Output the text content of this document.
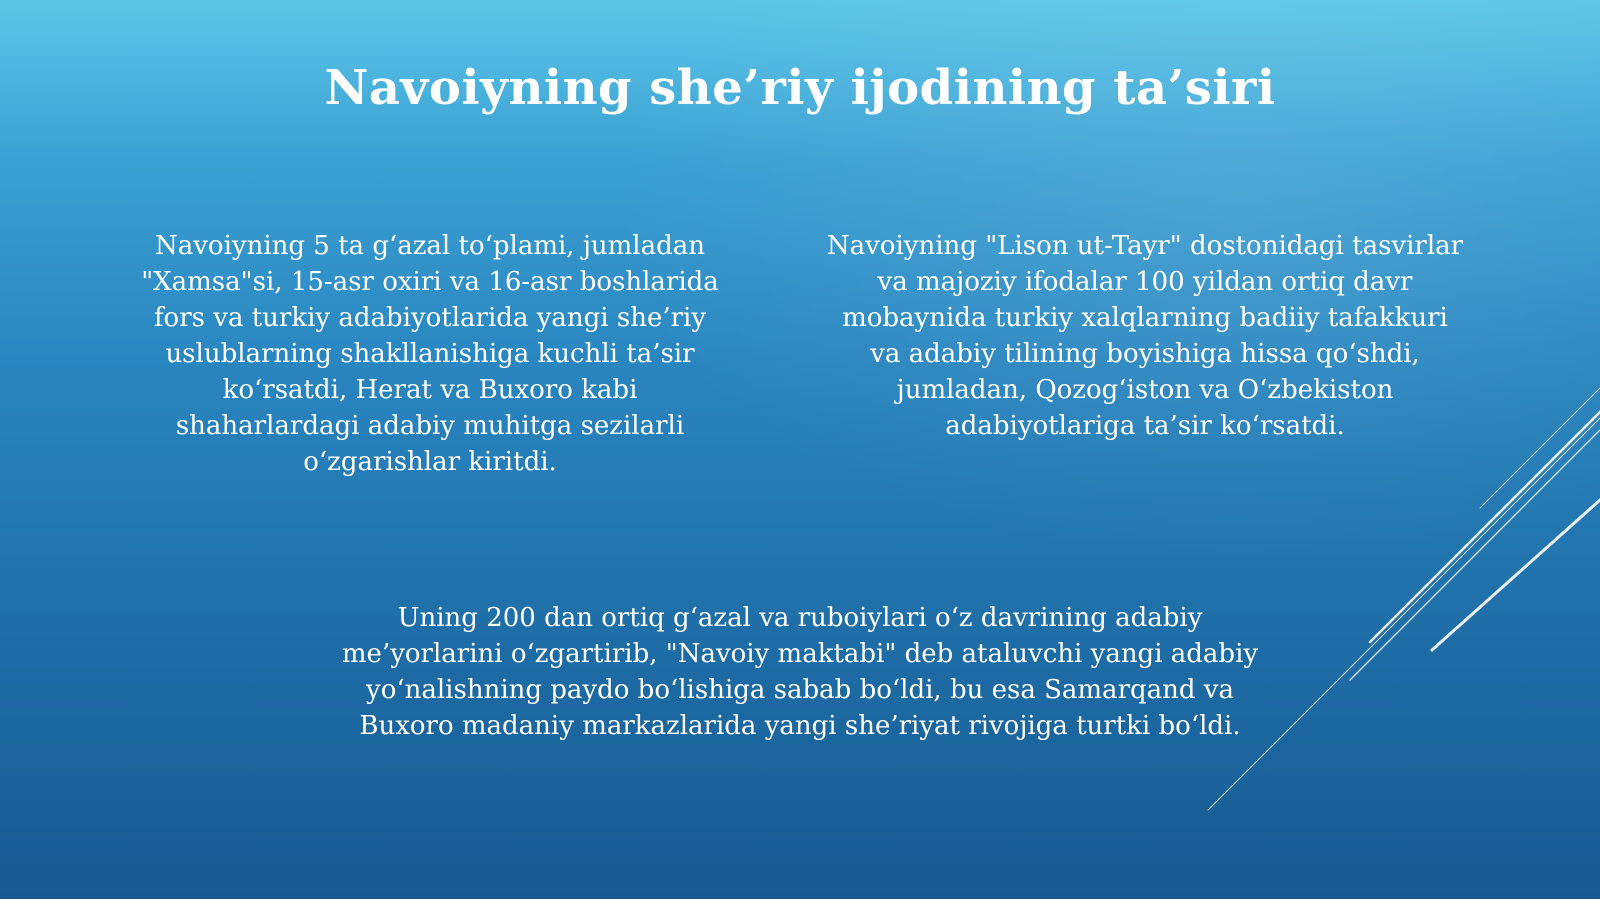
Navoiyning she’riy ijodining ta’siri

Navoiyning 5 ta g‘azal to‘plami, jumladan
"Xamsa"si, 15-asr oxiri va 16-asr boshlarida
fors va turkiy adabiyotlarida yangi she’riy
uslublarning shakllanishiga kuchli ta’sir
ko‘rsatdi, Herat va Buxoro kabi
shaharlardagi adabiy muhitga sezilarli
o‘zgarishlar kiritdi.

Navoiyning "Lison ut-Tayr" dostonidagi tasvirlar
va majoziy ifodalar 100 yildan ortiq davr
mobaynida turkiy xalqlarning badiiy tafakkuri
va adabiy tilining boyishiga hissa qo‘shdi,
jumladan, Qozog‘iston va O‘zbekiston
adabiyotlariga ta’sir ko‘rsatdi.

Uning 200 dan ortiq g‘azal va ruboiylari o‘z davrining adabiy
me’yorlarini o‘zgartirib, "Navoiy maktabi" deb ataluvchi yangi adabiy
yo‘nalishning paydo bo‘lishiga sabab bo‘ldi, bu esa Samarqand va
Buxoro madaniy markazlarida yangi she’riyat rivojiga turtki bo‘ldi.
